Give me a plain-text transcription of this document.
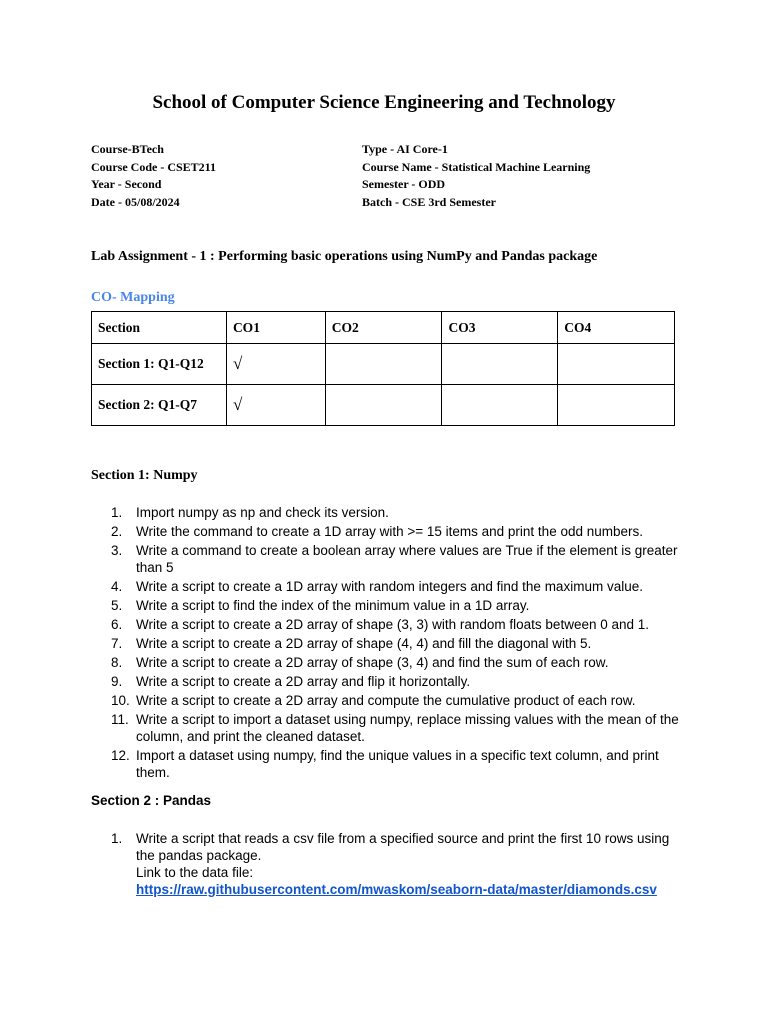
School of Computer Science Engineering and Technology
Course-BTech
Course Code - CSET211
Year - Second
Date - 05/08/2024
Type - AI Core-1
Course Name - Statistical Machine Learning
Semester - ODD
Batch - CSE 3rd Semester
Lab Assignment - 1 : Performing basic operations using NumPy and Pandas package
CO- Mapping
Section	CO1	CO2	CO3	CO4
Section 1: Q1-Q12	√			
Section 2: Q1-Q7	√			
Section 1: Numpy
1.	Import numpy as np and check its version.
2.	Write the command to create a 1D array with >= 15 items and print the odd numbers.
3.	Write a command to create a boolean array where values are True if the element is greater than 5
4.	Write a script to create a 1D array with random integers and find the maximum value.
5.	Write a script to find the index of the minimum value in a 1D array.
6.	Write a script to create a 2D array of shape (3, 3) with random floats between 0 and 1.
7.	Write a script to create a 2D array of shape (4, 4) and fill the diagonal with 5.
8.	Write a script to create a 2D array of shape (3, 4) and find the sum of each row.
9.	Write a script to create a 2D array and flip it horizontally.
10. Write a script to create a 2D array and compute the cumulative product of each row.
11. Write a script to import a dataset using numpy, replace missing values with the mean of the column, and print the cleaned dataset.
12. Import a dataset using numpy, find the unique values in a specific text column, and print them.
Section 2 : Pandas
1.	Write a script that reads a csv file from a specified source and print the first 10 rows using the pandas package.
Link to the data file:
https://raw.githubusercontent.com/mwaskom/seaborn-data/master/diamonds.csv
